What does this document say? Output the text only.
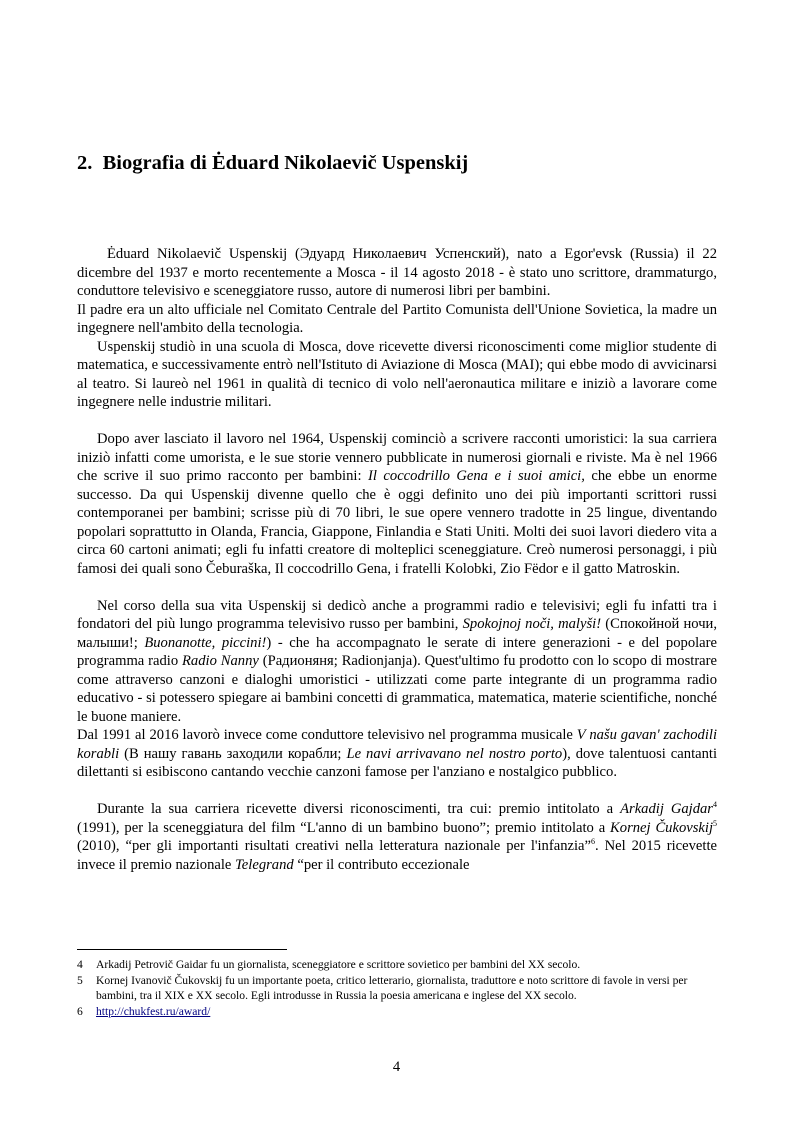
2. Biografia di Ėduard Nikolaevič Uspenskij

Ėduard Nikolaevič Uspenskij (Эдуард Николаевич Успенский), nato a Egor'evsk (Russia) il 22 dicembre del 1937 e morto recentemente a Mosca - il 14 agosto 2018 - è stato uno scrittore, drammaturgo, conduttore televisivo e sceneggiatore russo, autore di numerosi libri per bambini.

Il padre era un alto ufficiale nel Comitato Centrale del Partito Comunista dell'Unione Sovietica, la madre un ingegnere nell'ambito della tecnologia.

Uspenskij studiò in una scuola di Mosca, dove ricevette diversi riconoscimenti come miglior studente di matematica, e successivamente entrò nell'Istituto di Aviazione di Mosca (MAI); qui ebbe modo di avvicinarsi al teatro. Si laureò nel 1961 in qualità di tecnico di volo nell'aeronautica militare e iniziò a lavorare come ingegnere nelle industrie militari.

Dopo aver lasciato il lavoro nel 1964, Uspenskij cominciò a scrivere racconti umoristici: la sua carriera iniziò infatti come umorista, e le sue storie vennero pubblicate in numerosi giornali e riviste. Ma è nel 1966 che scrive il suo primo racconto per bambini: Il coccodrillo Gena e i suoi amici, che ebbe un enorme successo. Da qui Uspenskij divenne quello che è oggi definito uno dei più importanti scrittori russi contemporanei per bambini; scrisse più di 70 libri, le sue opere vennero tradotte in 25 lingue, diventando popolari soprattutto in Olanda, Francia, Giappone, Finlandia e Stati Uniti. Molti dei suoi lavori diedero vita a circa 60 cartoni animati; egli fu infatti creatore di molteplici sceneggiature. Creò numerosi personaggi, i più famosi dei quali sono Čeburaška, Il coccodrillo Gena, i fratelli Kolobki, Zio Fëdor e il gatto Matroskin.

Nel corso della sua vita Uspenskij si dedicò anche a programmi radio e televisivi; egli fu infatti tra i fondatori del più lungo programma televisivo russo per bambini, Spokojnoj noči, malyši! (Спокойной ночи, малыши!; Buonanotte, piccini!) - che ha accompagnato le serate di intere generazioni - e del popolare programma radio Radio Nanny (Радионяня; Radionjanja). Quest'ultimo fu prodotto con lo scopo di mostrare come attraverso canzoni e dialoghi umoristici - utilizzati come parte integrante di un programma radio educativo - si potessero spiegare ai bambini concetti di grammatica, matematica, materie scientifiche, nonché le buone maniere.

Dal 1991 al 2016 lavorò invece come conduttore televisivo nel programma musicale V našu gavan' zachodili korabli (В нашу гавань заходили корабли; Le navi arrivavano nel nostro porto), dove talentuosi cantanti dilettanti si esibiscono cantando vecchie canzoni famose per l'anziano e nostalgico pubblico.

Durante la sua carriera ricevette diversi riconoscimenti, tra cui: premio intitolato a Arkadij Gajdar$^4$ (1991), per la sceneggiatura del film “L'anno di un bambino buono”; premio intitolato a Kornej Čukovskij$^5$ (2010), “per gli importanti risultati creativi nella letteratura nazionale per l'infanzia”$^6$. Nel 2015 ricevette invece il premio nazionale Telegrand “per il contributo eccezionale

4	Arkadij Petrovič Gaidar fu un giornalista, sceneggiatore e scrittore sovietico per bambini del XX secolo.
5	Kornej Ivanovič Čukovskij fu un importante poeta, critico letterario, giornalista, traduttore e noto scrittore di favole in versi per bambini, tra il XIX e XX secolo. Egli introdusse in Russia la poesia americana e inglese del XX secolo.
6	http://chukfest.ru/award/
4
